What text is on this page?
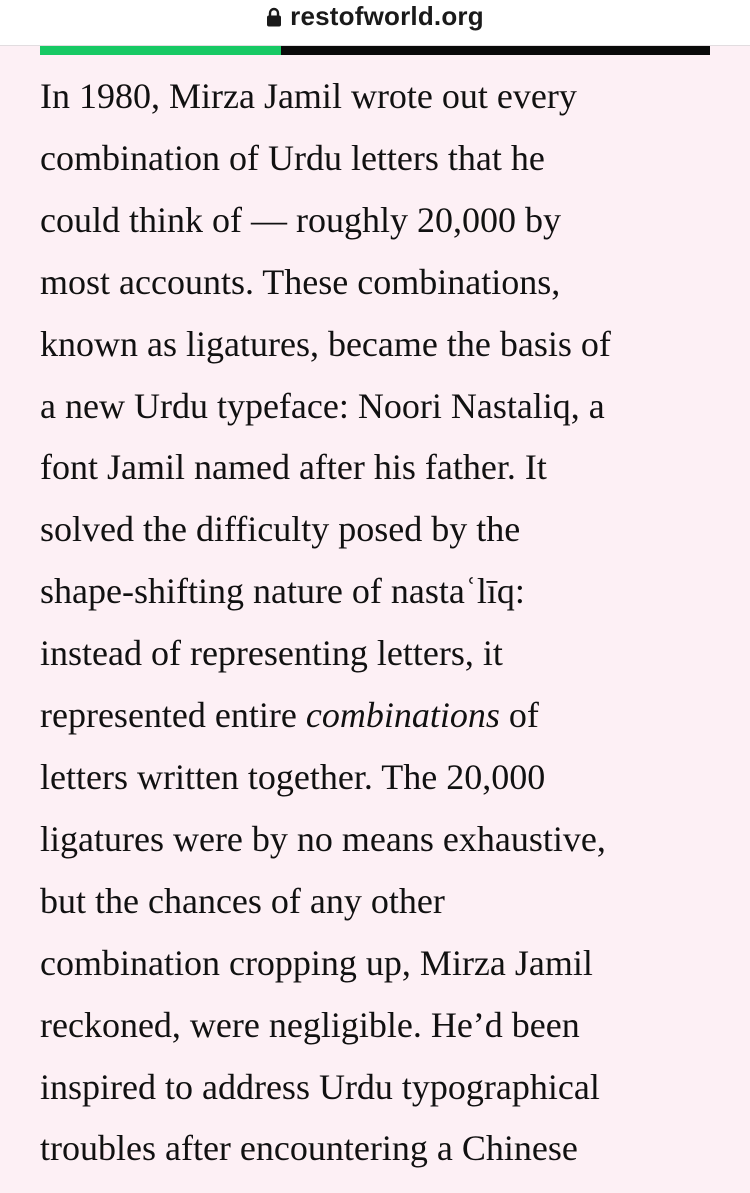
restofworld.org

In 1980, Mirza Jamil wrote out every
combination of Urdu letters that he
could think of — roughly 20,000 by
most accounts. These combinations,
known as ligatures, became the basis of
a new Urdu typeface: Noori Nastaliq, a
font Jamil named after his father. It
solved the difficulty posed by the
shape-shifting nature of nastaʿlīq:
instead of representing letters, it
represented entire combinations of
letters written together. The 20,000
ligatures were by no means exhaustive,
but the chances of any other
combination cropping up, Mirza Jamil
reckoned, were negligible. He’d been
inspired to address Urdu typographical
troubles after encountering a Chinese
